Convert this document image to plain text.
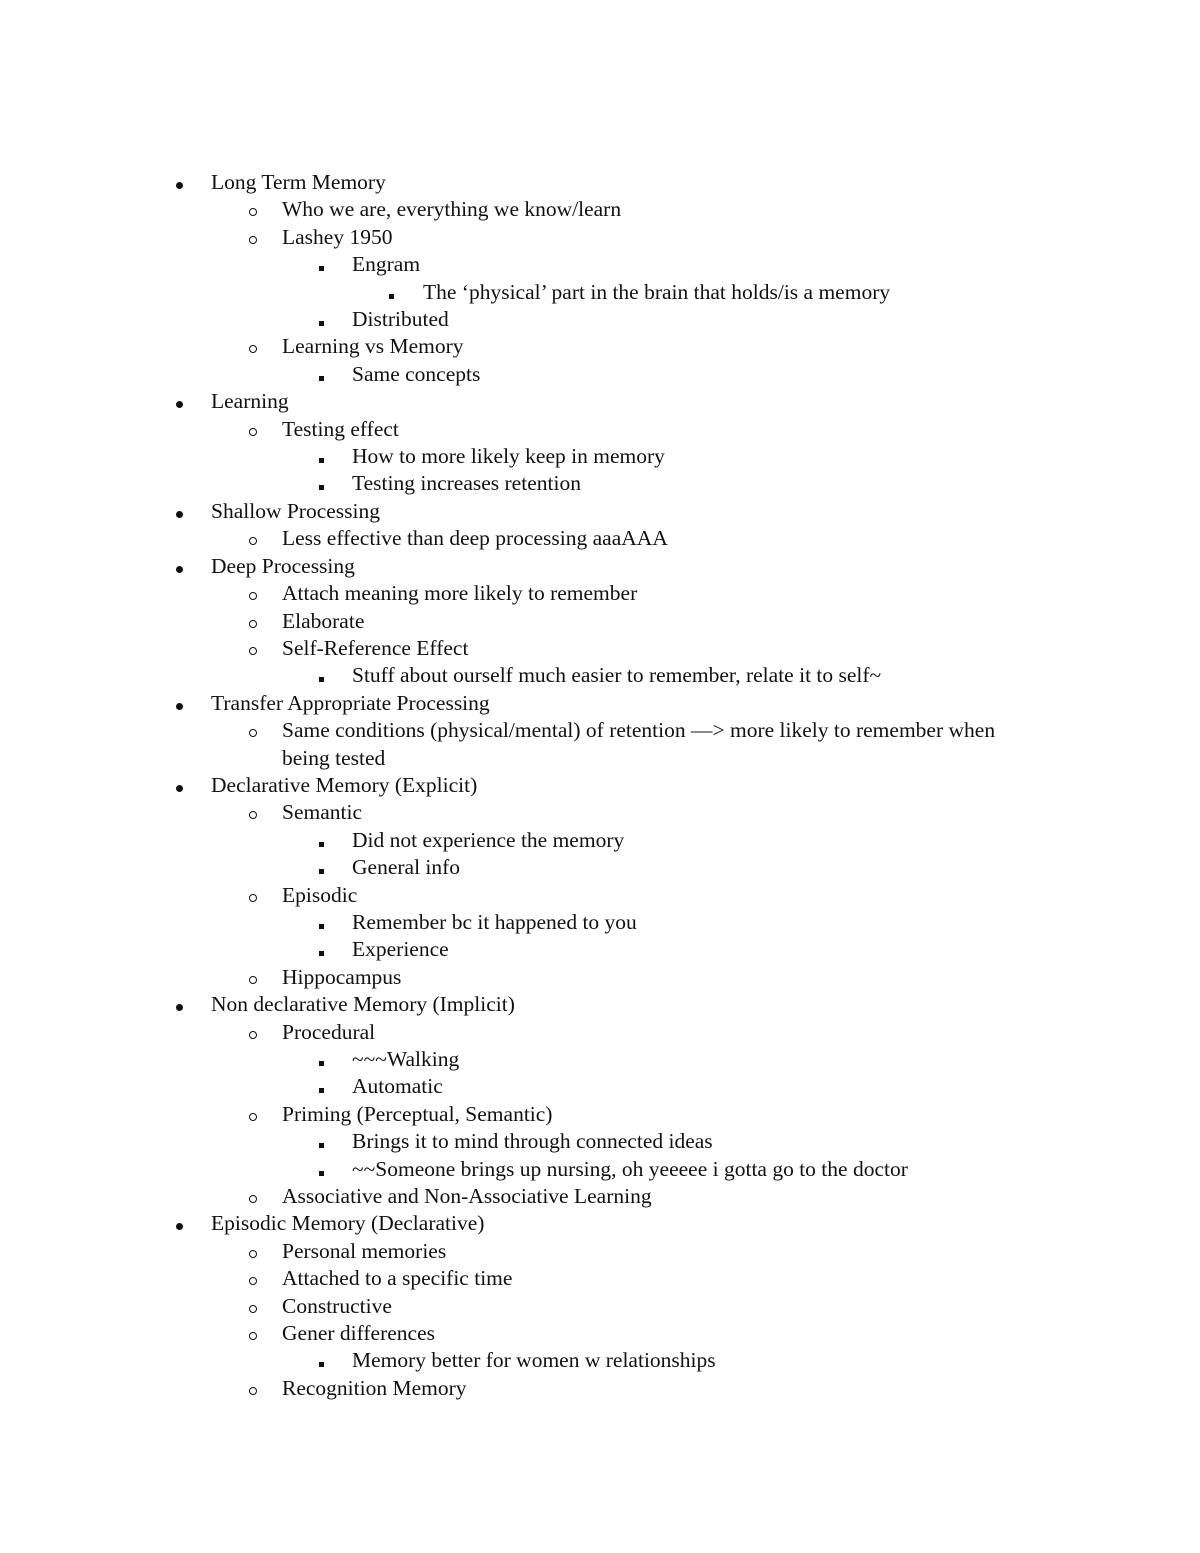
Long Term Memory
Who we are, everything we know/learn
Lashey 1950
Engram
The ‘physical’ part in the brain that holds/is a memory
Distributed
Learning vs Memory
Same concepts
Learning
Testing effect
How to more likely keep in memory
Testing increases retention
Shallow Processing
Less effective than deep processing aaaAAA
Deep Processing
Attach meaning more likely to remember
Elaborate
Self-Reference Effect
Stuff about ourself much easier to remember, relate it to self~
Transfer Appropriate Processing
Same conditions (physical/mental) of retention —> more likely to remember when being tested
Declarative Memory (Explicit)
Semantic
Did not experience the memory
General info
Episodic
Remember bc it happened to you
Experience
Hippocampus
Non declarative Memory (Implicit)
Procedural
~~~Walking
Automatic
Priming (Perceptual, Semantic)
Brings it to mind through connected ideas
~~Someone brings up nursing, oh yeeeee i gotta go to the doctor
Associative and Non-Associative Learning
Episodic Memory (Declarative)
Personal memories
Attached to a specific time
Constructive
Gener differences
Memory better for women w relationships
Recognition Memory
